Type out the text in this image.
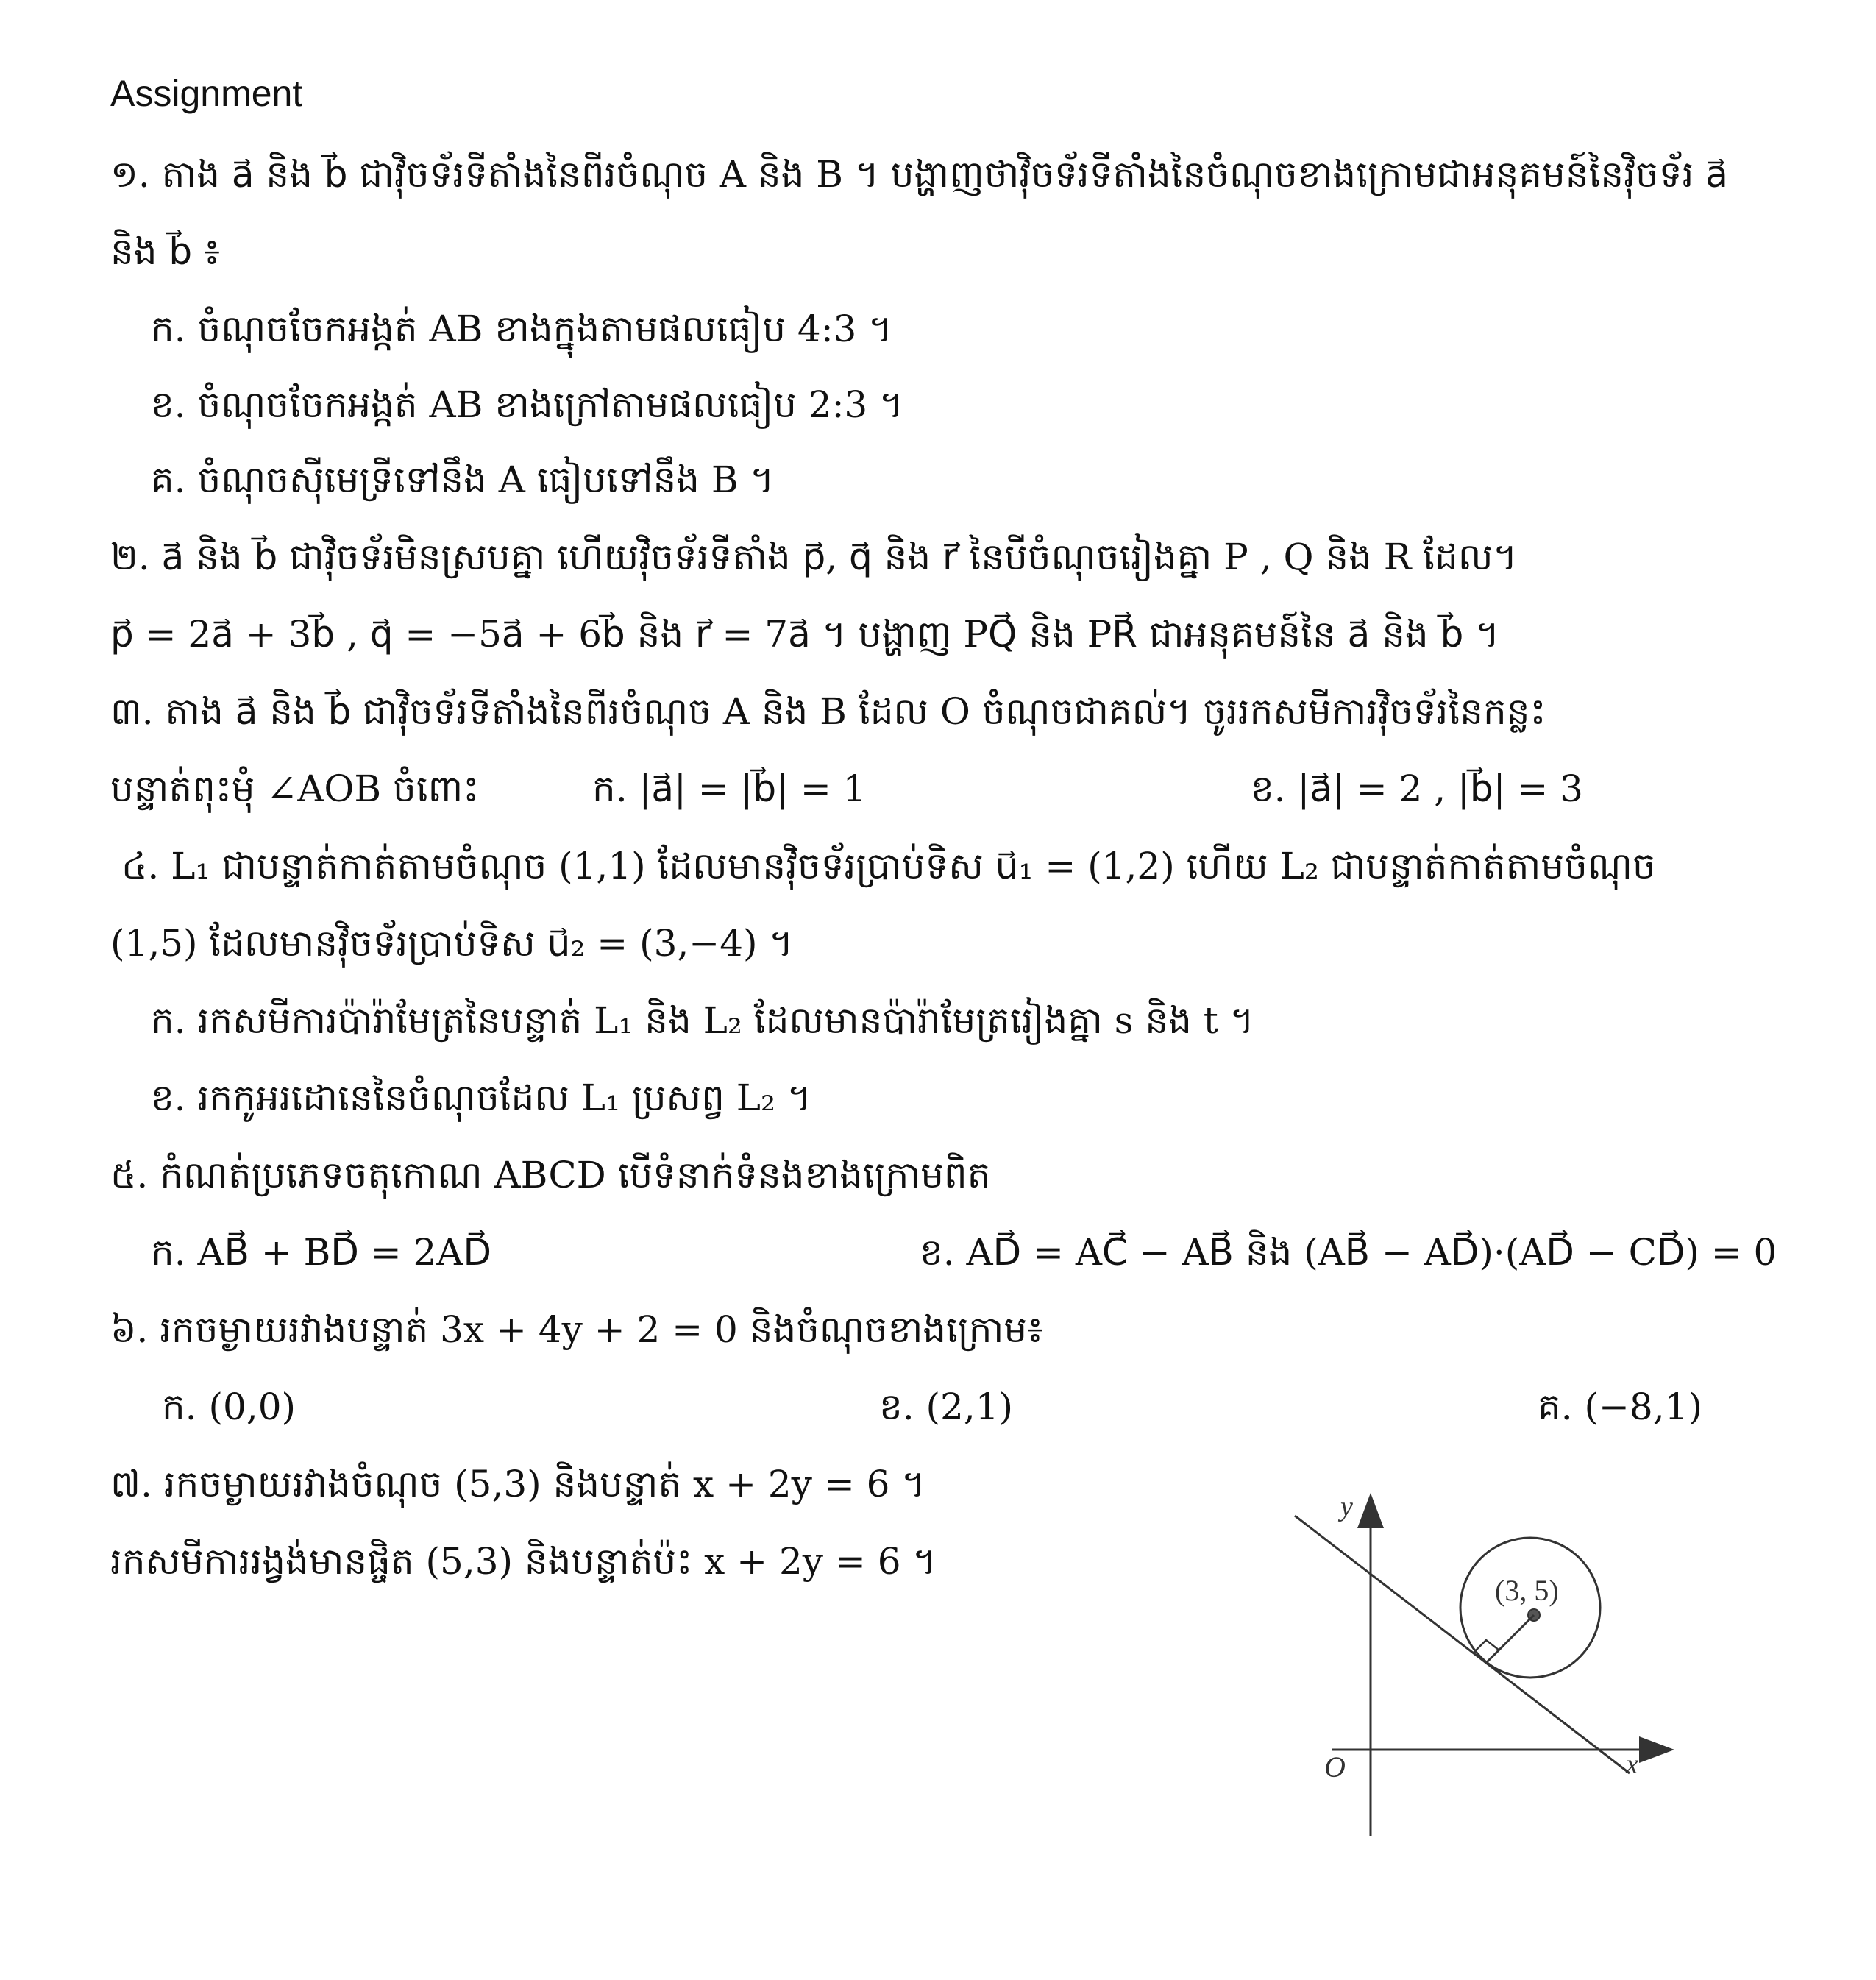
Assignment
១. តាង a⃗ និង b⃗ ជាវ៉ិចទ័រទីតាំងនៃពីរចំណុច A និង B ។ បង្ហាញថាវ៉ិចទ័រទីតាំងនៃចំណុចខាងក្រោមជាអនុគមន៍នៃវ៉ិចទ័រ a⃗
និង b⃗ ៖
ក. ចំណុចចែកអង្កត់ AB ខាងក្នុងតាមផលធៀប 4:3 ។
ខ. ចំណុចចែកអង្កត់ AB ខាងក្រៅតាមផលធៀប 2:3 ។
គ. ចំណុចស៊ីមេទ្រីទៅនឹង A ធៀបទៅនឹង B ។
២. a⃗ និង b⃗ ជាវ៉ិចទ័រមិនស្របគ្នា ហើយវ៉ិចទ័រទីតាំង p⃗, q⃗ និង r⃗ នៃបីចំណុចរៀងគ្នា P , Q និង R ដែល។
p⃗ = 2a⃗ + 3b⃗ , q⃗ = −5a⃗ + 6b⃗ និង r⃗ = 7a⃗ ។ បង្ហាញ PQ⃗ និង PR⃗ ជាអនុគមន៍នៃ a⃗ និង b⃗ ។
៣. តាង a⃗ និង b⃗ ជាវ៉ិចទ័រទីតាំងនៃពីរចំណុច A និង B ដែល O ចំណុចជាគល់។ ចូររកសមីការវ៉ិចទ័រនៃកន្លះ
បន្ទាត់ពុះមុំ ∠AOB ចំពោះ	ក. |a⃗| = |b⃗| = 1	ខ. |a⃗| = 2 , |b⃗| = 3
៤. L₁ ជាបន្ទាត់កាត់តាមចំណុច (1,1) ដែលមានវ៉ិចទ័រប្រាប់ទិស u⃗₁ = (1,2) ហើយ L₂ ជាបន្ទាត់កាត់តាមចំណុច
(1,5) ដែលមានវ៉ិចទ័រប្រាប់ទិស u⃗₂ = (3,−4) ។
ក. រកសមីការប៉ារ៉ាមែត្រនៃបន្ទាត់ L₁ និង L₂ ដែលមានប៉ារ៉ាមែត្ររៀងគ្នា s និង t ។
ខ. រកកូអរដោនេនៃចំណុចដែល L₁ ប្រសព្វ L₂ ។
៥. កំណត់ប្រភេទចតុកោណ ABCD បើទំនាក់ទំនងខាងក្រោមពិត
ក. AB⃗ + BD⃗ = 2AD⃗	ខ. AD⃗ = AC⃗ − AB⃗ និង (AB⃗ − AD⃗)·(AD⃗ − CD⃗) = 0
៦. រកចម្ងាយរវាងបន្ទាត់ 3x + 4y + 2 = 0 និងចំណុចខាងក្រោម៖
ក. (0,0)	ខ. (2,1)	គ. (−8,1)
៧. រកចម្ងាយរវាងចំណុច (5,3) និងបន្ទាត់ x + 2y = 6 ។
រកសមីការរង្វង់មានផ្ចិត (5,3) និងបន្ទាត់ប៉ះ x + 2y = 6 ។
y
x
O
(3, 5)
